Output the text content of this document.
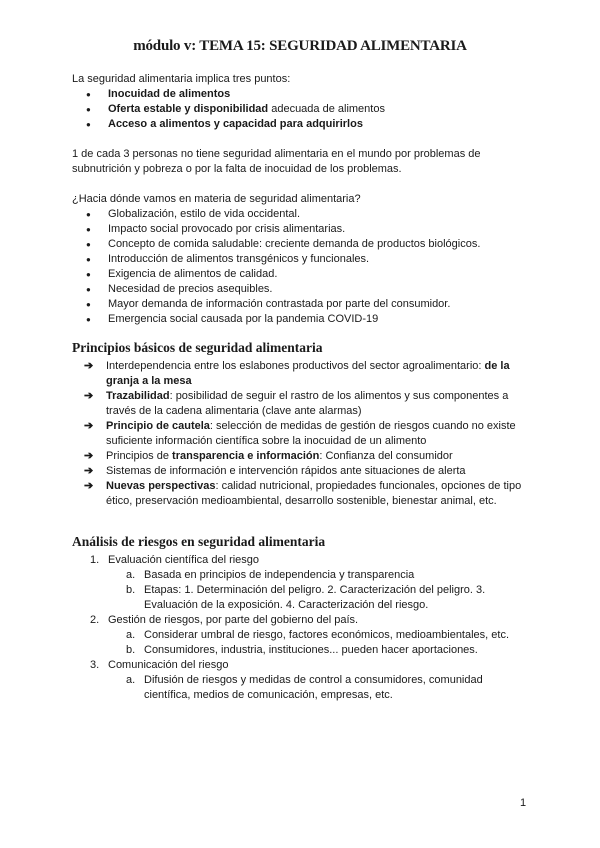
módulo v: TEMA 15: SEGURIDAD ALIMENTARIA

La seguridad alimentaria implica tres puntos:

● Inocuidad de alimentos
● Oferta estable y disponibilidad adecuada de alimentos
● Acceso a alimentos y capacidad para adquirirlos

1 de cada 3 personas no tiene seguridad alimentaria en el mundo por problemas de subnutrición y pobreza o por la falta de inocuidad de los problemas.

¿Hacia dónde vamos en materia de seguridad alimentaria?

● Globalización, estilo de vida occidental.
● Impacto social provocado por crisis alimentarias.
● Concepto de comida saludable: creciente demanda de productos biológicos.
● Introducción de alimentos transgénicos y funcionales.
● Exigencia de alimentos de calidad.
● Necesidad de precios asequibles.
● Mayor demanda de información contrastada por parte del consumidor.
● Emergencia social causada por la pandemia COVID-19
Principios básicos de seguridad alimentaria
➔ Interdependencia entre los eslabones productivos del sector agroalimentario: de la granja a la mesa
➔ Trazabilidad: posibilidad de seguir el rastro de los alimentos y sus componentes a través de la cadena alimentaria (clave ante alarmas)
➔ Principio de cautela: selección de medidas de gestión de riesgos cuando no existe suficiente información científica sobre la inocuidad de un alimento
➔ Principios de transparencia e información: Confianza del consumidor
➔ Sistemas de información e intervención rápidos ante situaciones de alerta
➔ Nuevas perspectivas: calidad nutricional, propiedades funcionales, opciones de tipo ético, preservación medioambiental, desarrollo sostenible, bienestar animal, etc.
Análisis de riesgos en seguridad alimentaria
1. Evaluación científica del riesgo
a. Basada en principios de independencia y transparencia
b. Etapas: 1. Determinación del peligro. 2. Caracterización del peligro. 3. Evaluación de la exposición. 4. Caracterización del riesgo.
2. Gestión de riesgos, por parte del gobierno del país.
a. Considerar umbral de riesgo, factores económicos, medioambientales, etc.
b. Consumidores, industria, instituciones... pueden hacer aportaciones.
3. Comunicación del riesgo
a. Difusión de riesgos y medidas de control a consumidores, comunidad científica, medios de comunicación, empresas, etc.
1
